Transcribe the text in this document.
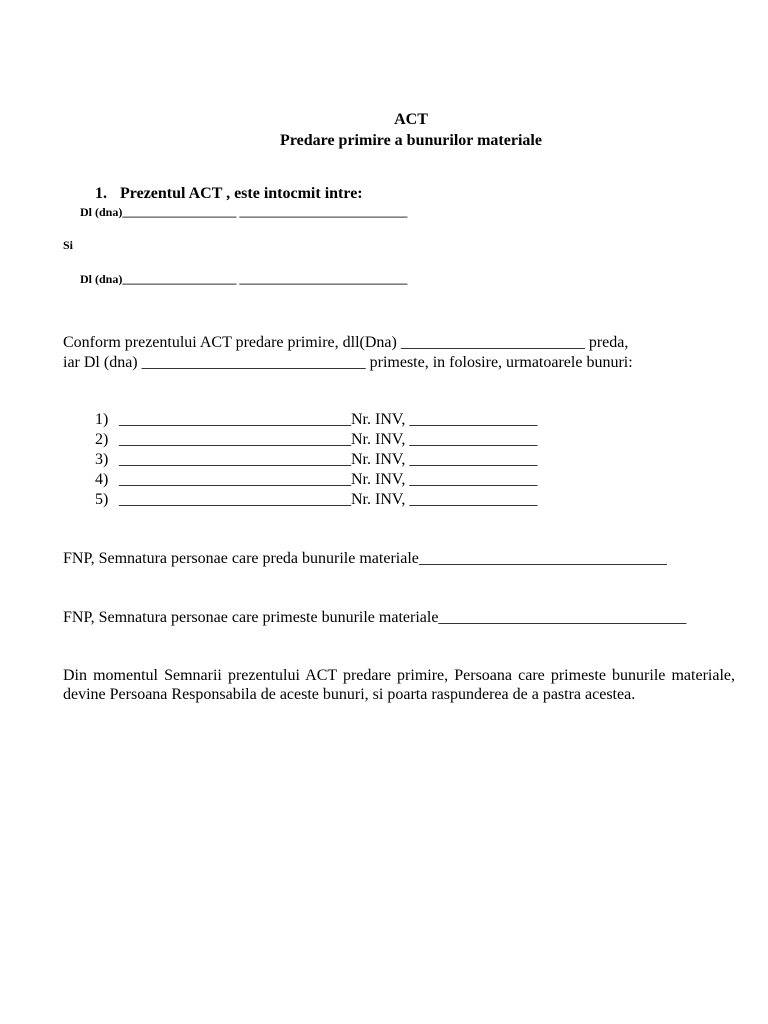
ACT
Predare primire a bunurilor materiale

1. Prezentul ACT , este intocmit intre:

Dl (dna)___________________ ____________________________
Si
Dl (dna)___________________ ____________________________
Conform prezentului ACT predare primire, dll(Dna) _______________________ preda,
iar Dl (dna) ____________________________ primeste, in folosire, urmatoarele bunuri:

1) _____________________________Nr. INV, ________________

2) _____________________________Nr. INV, ________________

3) _____________________________Nr. INV, ________________

4) _____________________________Nr. INV, ________________

5) _____________________________Nr. INV, ________________

FNP, Semnatura personae care preda bunurile materiale_______________________________
FNP, Semnatura personae care primeste bunurile materiale_______________________________
Din momentul Semnarii prezentului ACT predare primire, Persoana care primeste bunurile materiale, devine Persoana Responsabila de aceste bunuri, si poarta raspunderea de a pastra acestea.
